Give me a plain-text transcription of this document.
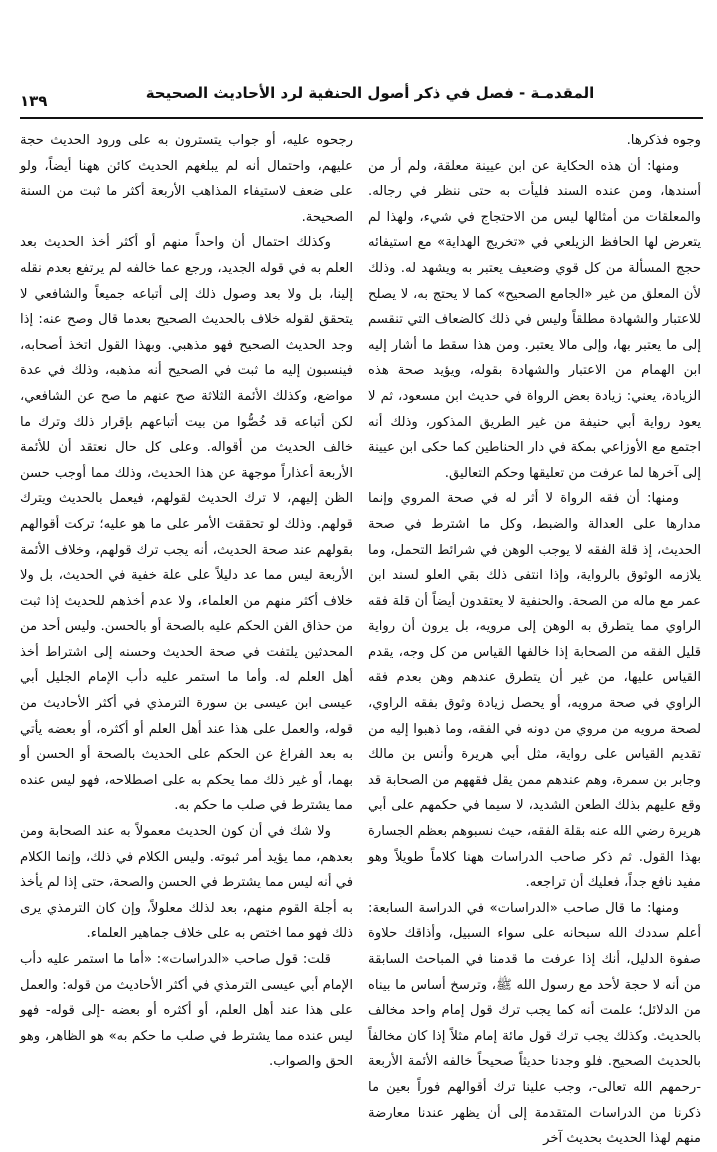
المقدمـة - فصل في ذكر أصول الحنفية لرد الأحاديث الصحيحة
١٣٩

وجوه فذكرها.

ومنها: أن هذه الحكاية عن ابن عيينة معلقة، ولم أر من أسندها، ومن عنده السند فليأت به حتى ننظر في رجاله. والمعلقات من أمثالها ليس من الاحتجاج في شيء، ولهذا لم يتعرض لها الحافظ الزيلعي في «تخريج الهداية» مع استيفائه حجج المسألة من كل قوي وضعيف يعتبر به ويشهد له. وذلك لأن المعلق من غير «الجامع الصحيح» كما لا يحتج به، لا يصلح للاعتبار والشهادة مطلقاً وليس في ذلك كالضعاف التي تنقسم إلى ما يعتبر بها، وإلى مالا يعتبر. ومن هذا سقط ما أشار إليه ابن الهمام من الاعتبار والشهادة بقوله، ويؤيد صحة هذه الزيادة، يعني: زيادة بعض الرواة في حديث ابن مسعود، ثم لا يعود رواية أبي حنيفة من غير الطريق المذكور، وذلك أنه اجتمع مع الأوزاعي بمكة في دار الحناطين كما حكى ابن عيينة إلى آخرها لما عرفت من تعليقها وحكم التعاليق.

ومنها: أن فقه الرواة لا أثر له في صحة المروي وإنما مدارها على العدالة والضبط، وكل ما اشترط في صحة الحديث، إذ قلة الفقه لا يوجب الوهن في شرائط التحمل، وما يلازمه الوثوق بالرواية، وإذا انتفى ذلك بقي العلو لسند ابن عمر مع ماله من الصحة. والحنفية لا يعتقدون أيضاً أن قلة فقه الراوي مما يتطرق به الوهن إلى مرويه، بل يرون أن رواية قليل الفقه من الصحابة إذا خالفها القياس من كل وجه، يقدم القياس عليها، من غير أن يتطرق عندهم وهن بعدم فقه الراوي في صحة مرويه، أو يحصل زيادة وثوق بفقه الراوي، لصحة مرويه من مروي من دونه في الفقه، وما ذهبوا إليه من تقديم القياس على رواية، مثل أبي هريرة وأنس بن مالك وجابر بن سمرة، وهم عندهم ممن يقل فقههم من الصحابة قد وقع عليهم بذلك الطعن الشديد، لا سيما في حكمهم على أبي هريرة رضي الله عنه بقلة الفقه، حيث نسبوهم بعظم الجسارة بهذا القول. ثم ذكر صاحب الدراسات ههنا كلاماً طويلاً وهو مفيد نافع جداً، فعليك أن تراجعه.

ومنها: ما قال صاحب «الدراسات» في الدراسة السابعة: أعلم سددك الله سبحانه على سواء السبيل، وأذاقك حلاوة صفوة الدليل، أنك إذا عرفت ما قدمنا في المباحث السابقة من أنه لا حجة لأحد مع رسول الله ﷺ، وترسخ أساس ما بيناه من الدلائل؛ علمت أنه كما يجب ترك قول إمام واحد مخالف بالحديث. وكذلك يجب ترك قول مائة إمام مثلاً إذا كان مخالفاً بالحديث الصحيح. فلو وجدنا حديثاً صحيحاً خالفه الأئمة الأربعة -رحمهم الله تعالى-، وجب علينا ترك أقوالهم فوراً بعين ما ذكرنا من الدراسات المتقدمة إلى أن يظهر عندنا معارضة منهم لهذا الحديث بحديث آخر

رجحوه عليه، أو جواب يتسترون به على ورود الحديث حجة عليهم، واحتمال أنه لم يبلغهم الحديث كائن ههنا أيضاً، ولو على ضعف لاستيفاء المذاهب الأربعة أكثر ما ثبت من السنة الصحيحة.

وكذلك احتمال أن واحداً منهم أو أكثر أخذ الحديث بعد العلم به في قوله الجديد، ورجع عما خالفه لم يرتفع بعدم نقله إلينا، بل ولا بعد وصول ذلك إلى أتباعه جميعاً والشافعي لا يتحقق لقوله خلاف بالحديث الصحيح بعدما قال وصح عنه: إذا وجد الحديث الصحيح فهو مذهبي. وبهذا القول اتخذ أصحابه، فينسبون إليه ما ثبت في الصحيح أنه مذهبه، وذلك في عدة مواضع، وكذلك الأئمة الثلاثة صح عنهم ما صح عن الشافعي، لكن أتباعه قد خُصُّوا من بيت أتباعهم بإقرار ذلك وترك ما خالف الحديث من أقواله. وعلى كل حال نعتقد أن للأئمة الأربعة أعذاراً موجهة عن هذا الحديث، وذلك مما أوجب حسن الظن إليهم، لا ترك الحديث لقولهم، فيعمل بالحديث ويترك قولهم. وذلك لو تحققت الأمر على ما هو عليه؛ تركت أقوالهم بقولهم عند صحة الحديث، أنه يجب ترك قولهم، وخلاف الأئمة الأربعة ليس مما عد دليلاً على علة خفية في الحديث، بل ولا خلاف أكثر منهم من العلماء، ولا عدم أخذهم للحديث إذا ثبت من حذاق الفن الحكم عليه بالصحة أو بالحسن. وليس أحد من المحدثين يلتفت في صحة الحديث وحسنه إلى اشتراط أخذ أهل العلم له. وأما ما استمر عليه دأب الإمام الجليل أبي عيسى ابن عيسى بن سورة الترمذي في أكثر الأحاديث من قوله، والعمل على هذا عند أهل العلم أو أكثره، أو بعضه يأتي به بعد الفراغ عن الحكم على الحديث بالصحة أو الحسن أو بهما، أو غير ذلك مما يحكم به على اصطلاحه، فهو ليس عنده مما يشترط في صلب ما حكم به.

ولا شك في أن كون الحديث معمولاً به عند الصحابة ومن بعدهم، مما يؤيد أمر ثبوته. وليس الكلام في ذلك، وإنما الكلام في أنه ليس مما يشترط في الحسن والصحة، حتى إذا لم يأخذ به أجلة القوم منهم، بعد لذلك معلولاً، وإن كان الترمذي يرى ذلك فهو مما اختص به على خلاف جماهير العلماء.

قلت: قول صاحب «الدراسات»: «أما ما استمر عليه دأب الإمام أبي عيسى الترمذي في أكثر الأحاديث من قوله: والعمل على هذا عند أهل العلم، أو أكثره أو بعضه -إلى قوله- فهو ليس عنده مما يشترط في صلب ما حكم به» هو الظاهر، وهو الحق والصواب.
